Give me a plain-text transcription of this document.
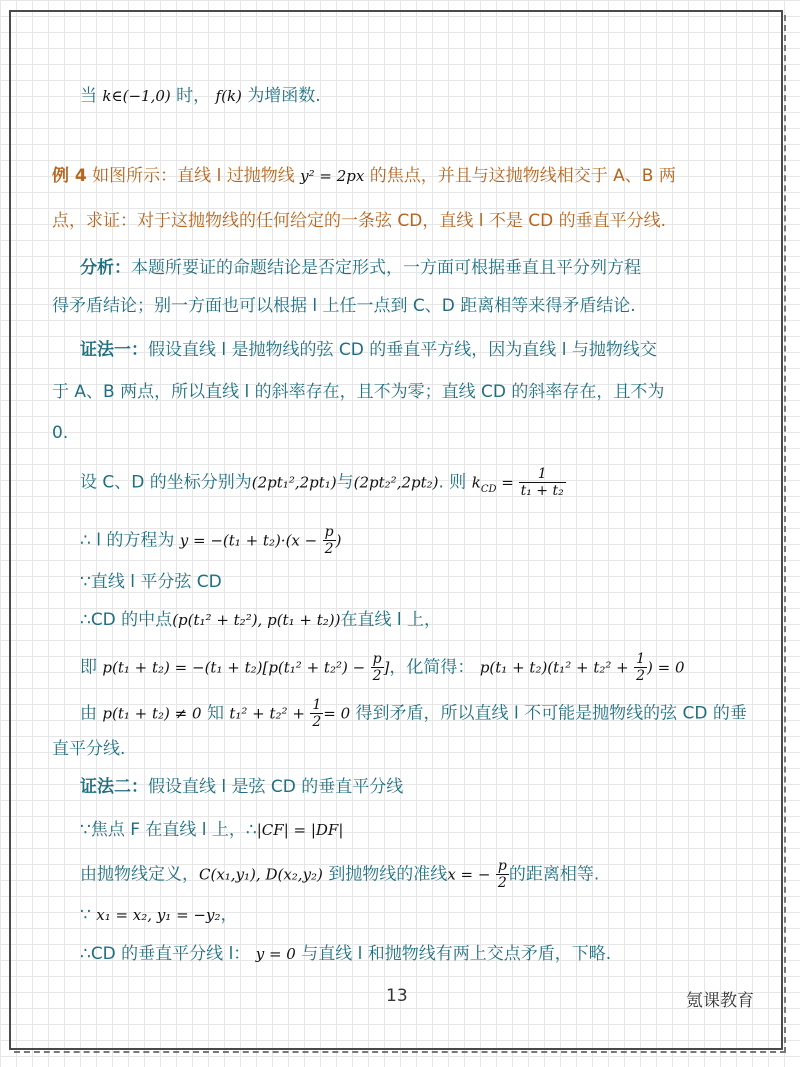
当 k∈(−1,0) 时， f(k) 为增函数.
例 4 如图所示：直线 l 过抛物线 y² = 2px 的焦点，并且与这抛物线相交于 A、B 两
点，求证：对于这抛物线的任何给定的一条弦 CD，直线 l 不是 CD 的垂直平分线.
分析：本题所要证的命题结论是否定形式，一方面可根据垂直且平分列方程
得矛盾结论；别一方面也可以根据 l 上任一点到 C、D 距离相等来得矛盾结论.
证法一：假设直线 l 是抛物线的弦 CD 的垂直平方线，因为直线 l 与抛物线交
于 A、B 两点，所以直线 l 的斜率存在，且不为零；直线 CD 的斜率存在，且不为
0.
设 C、D 的坐标分别为(2pt₁²,2pt₁)与(2pt₂²,2pt₂). 则 $k_{CD} = \frac{1}{\text{t₁ + t₂}}$
∴ l 的方程为 $y = -(t_1 + t_2)\cdot(x - \frac{p}{2}$ )
∵直线 l 平分弦 CD
∴CD 的中点(p(t₁² + t₂²), p(t₁ + t₂))在直线 l 上，
即 $p(t_1 + t_2) = -(t_1 + t_2)[p(t_1^2 + t_2^2) - \frac{p}{2}$ ]，化简得： $p(t_1 + t_2)(t_1^2 + t_2^2 + \frac{1}{2}$ ) = 0
由 p(t₁ + t₂) ≠ 0 知 $t_1^2 + t_2^2 + \frac{1}{2} = 0$ 得到矛盾，所以直线 l 不可能是抛物线的弦 CD 的垂
直平分线.
证法二：假设直线 l 是弦 CD 的垂直平分线
∵焦点 F 在直线 l 上，∴|CF| = |DF|
由抛物线定义，C(x₁,y₁), D(x₂,y₂) 到抛物线的准线x = − $\frac{p}{2}$ 的距离相等.
∵ x₁ = x₂, y₁ = −y₂，
∴CD 的垂直平分线 l： y = 0 与直线 l 和抛物线有两上交点矛盾，下略.
13	氪课教育
